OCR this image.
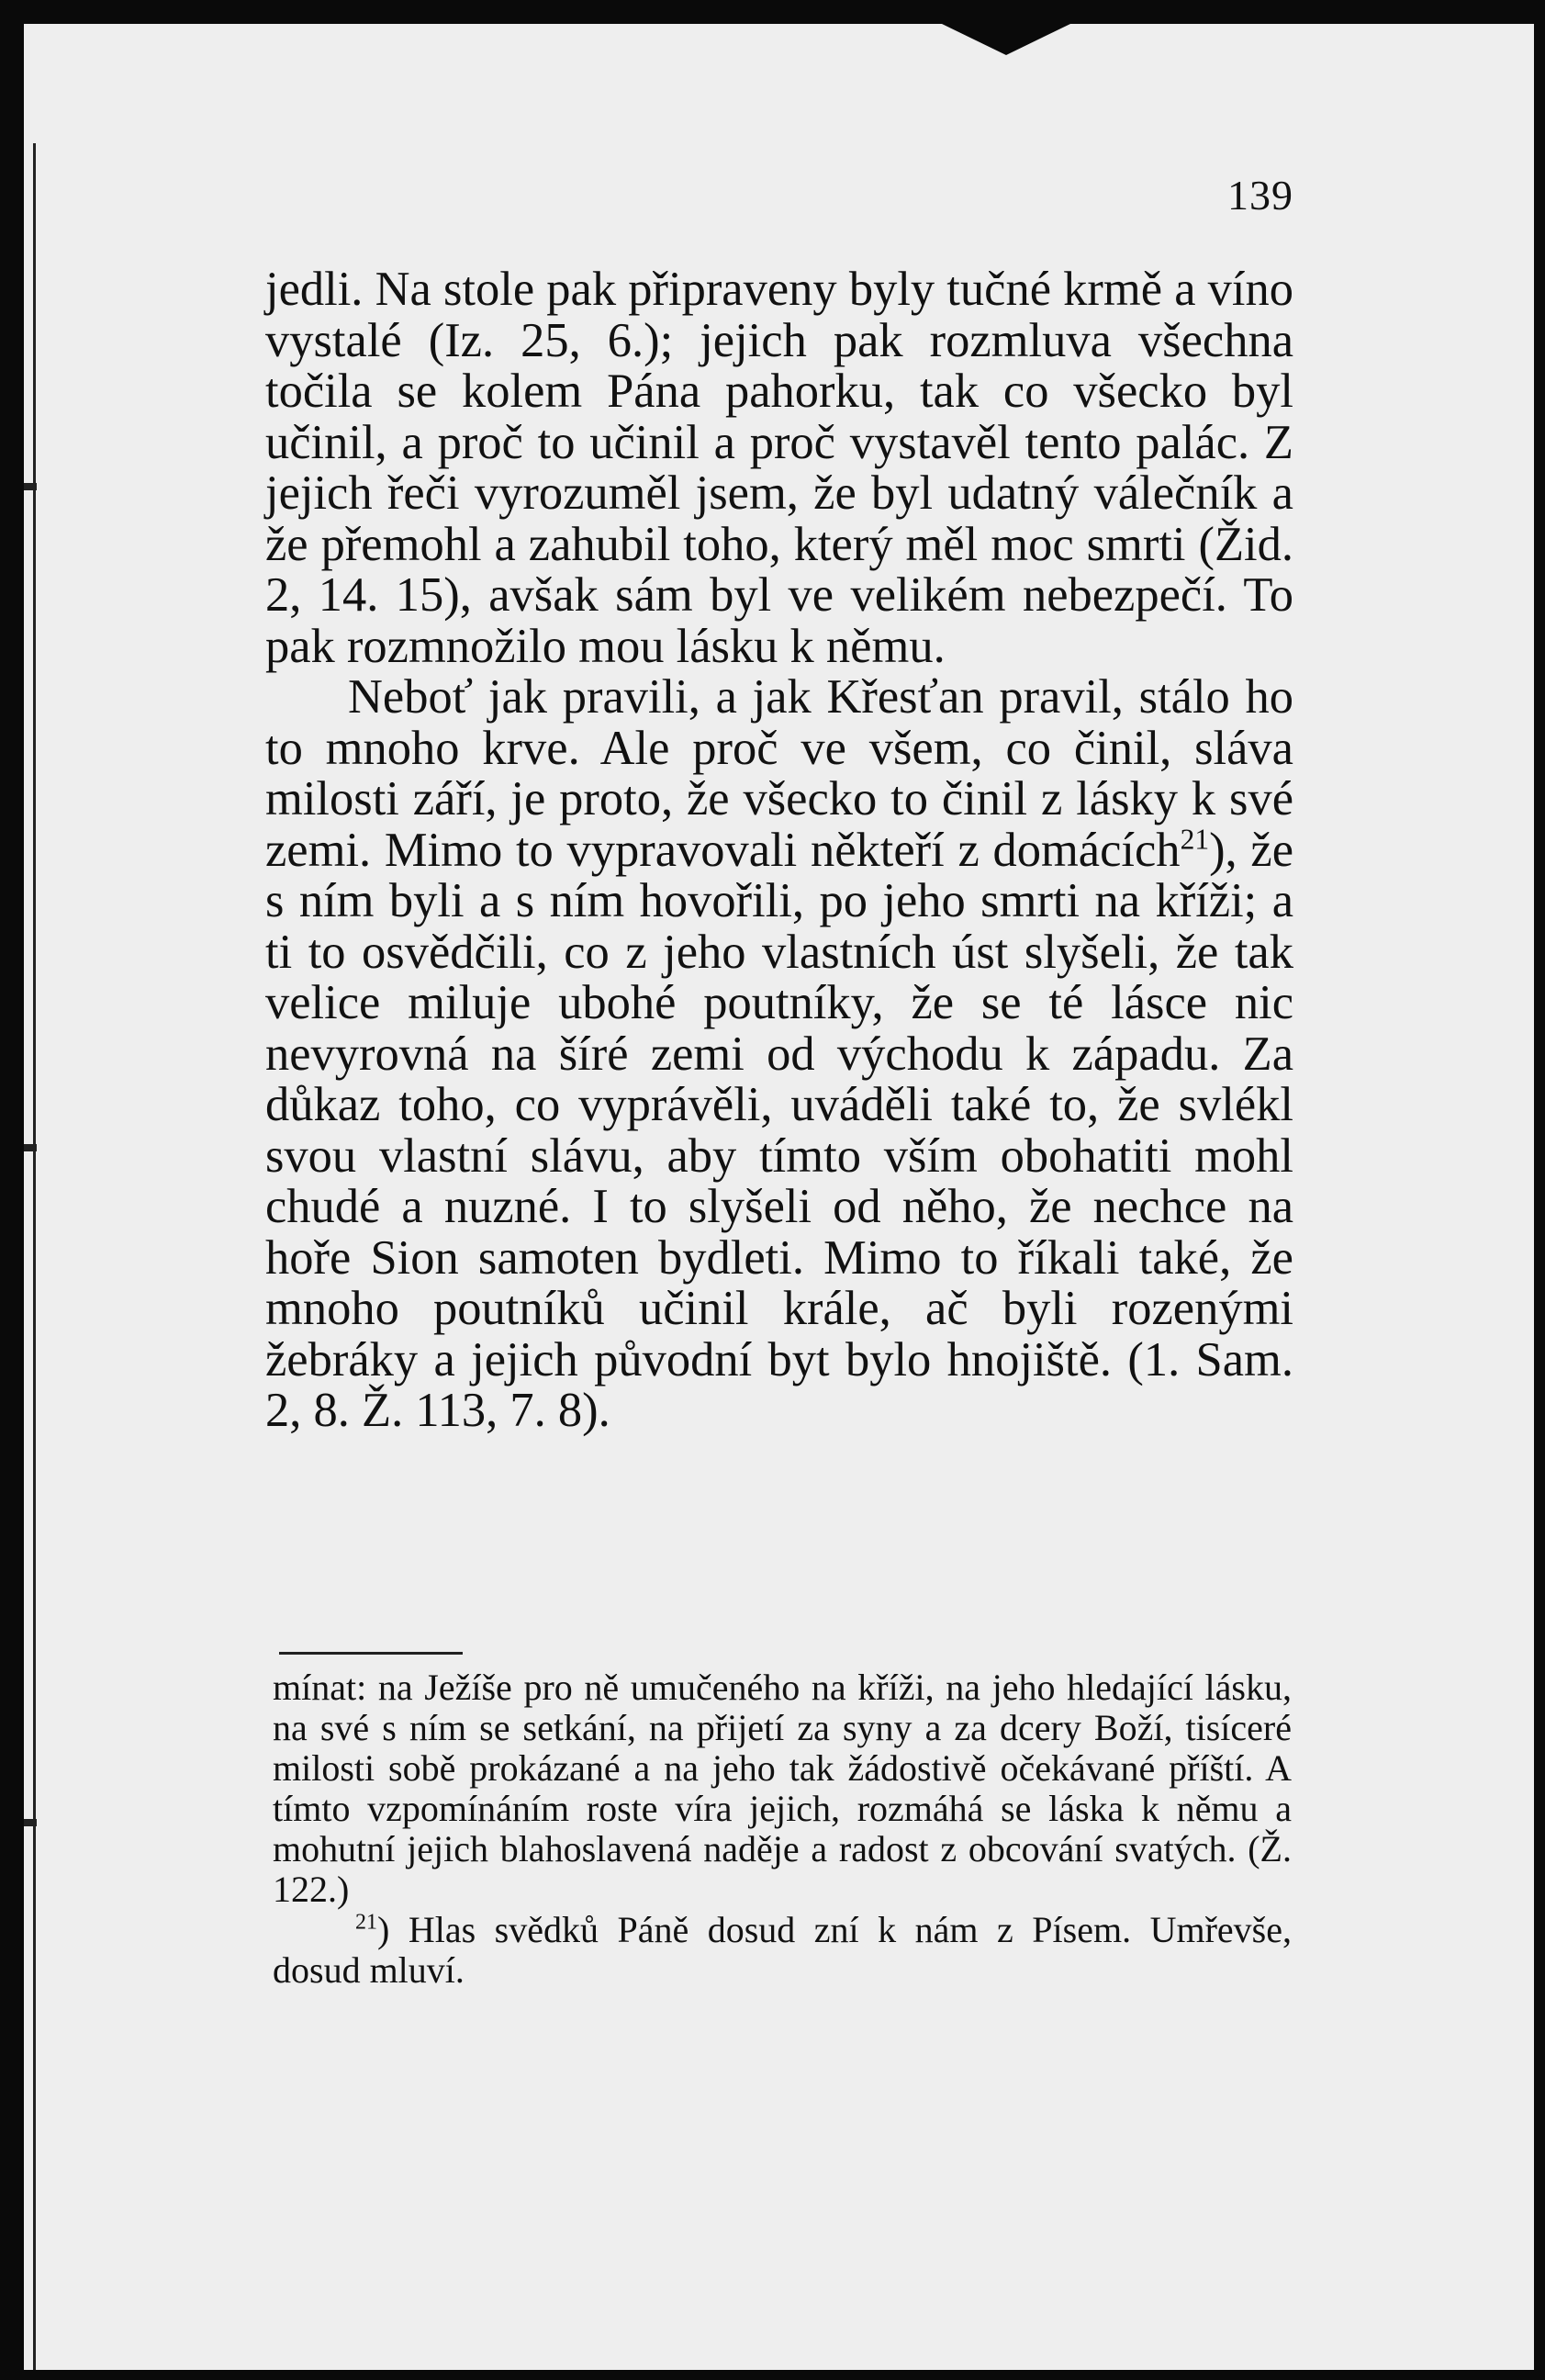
139

jedli. Na stole pak připraveny byly tučné krmě a víno vystalé (Iz. 25, 6.); jejich pak rozmluva všechna točila se kolem Pána pahorku, tak co všecko byl učinil, a proč to učinil a proč vystavěl tento palác. Z jejich řeči vyrozuměl jsem, že byl udatný válečník a že přemohl a zahubil toho, který měl moc smrti (Žid. 2, 14. 15), avšak sám byl ve velikém nebezpečí. To pak rozmnožilo mou lásku k němu.

Neboť jak pravili, a jak Křesťan pravil, stálo ho to mnoho krve. Ale proč ve všem, co činil, sláva milosti září, je proto, že všecko to činil z lásky k své zemi. Mimo to vypravovali někteří z domácích$^{21}$), že s ním byli a s ním hovořili, po jeho smrti na kříži; a ti to osvědčili, co z jeho vlastních úst slyšeli, že tak velice miluje ubohé poutníky, že se té lásce nic nevyrovná na šíré zemi od východu k západu. Za důkaz toho, co vyprávěli, uváděli také to, že svlékl svou vlastní slávu, aby tímto vším obohatiti mohl chudé a nuzné. I to slyšeli od něho, že nechce na hoře Sion samoten bydleti. Mimo to říkali také, že mnoho poutníků učinil krále, ač byli rozenými žebráky a jejich původní byt bylo hnojiště. (1. Sam. 2, 8. Ž. 113, 7. 8).

mínat: na Ježíše pro ně umučeného na kříži, na jeho hledající lásku, na své s ním se setkání, na přijetí za syny a za dcery Boží, tisíceré milosti sobě prokázané a na jeho tak žádostivě očekávané příští. A tímto vzpomínáním roste víra jejich, rozmáhá se láska k němu a mohutní jejich blahoslavená naděje a radost z obcování svatých. (Ž. 122.)

$^{21}$) Hlas svědků Páně dosud zní k nám z Písem. Umřevše, dosud mluví.
